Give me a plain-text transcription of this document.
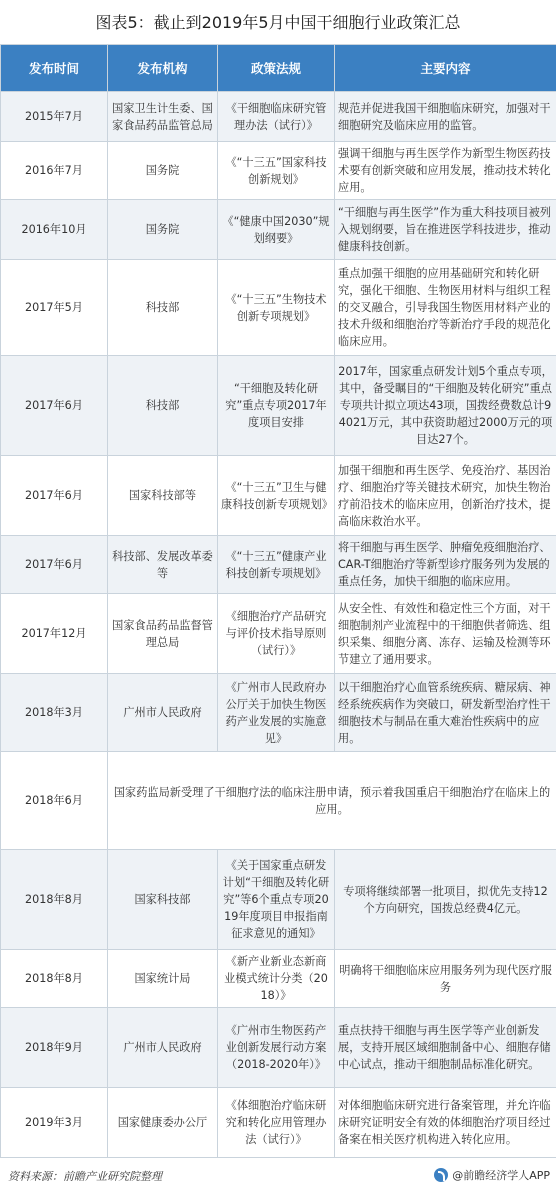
图表5：截止到2019年5月中国干细胞行业政策汇总
发布时间	发布机构	政策法规	主要内容
2015年7月	国家卫生计生委、国家食品药品监管总局	《干细胞临床研究管理办法（试行）》	规范并促进我国干细胞临床研究，加强对干细胞研究及临床应用的监管。
2016年7月	国务院	《“十三五”国家科技创新规划》	强调干细胞与再生医学作为新型生物医药技术要有创新突破和应用发展，推动技术转化应用。
2016年10月	国务院	《“健康中国2030”规划纲要》	“干细胞与再生医学”作为重大科技项目被列入规划纲要，旨在推进医学科技进步，推动健康科技创新。
2017年5月	科技部	《“十三五”生物技术创新专项规划》	重点加强干细胞的应用基础研究和转化研究，强化干细胞、生物医用材料与组织工程的交叉融合，引导我国生物医用材料产业的技术升级和细胞治疗等新治疗手段的规范化临床应用。
2017年6月	科技部	“干细胞及转化研究”重点专项2017年度项目安排	2017年，国家重点研发计划5个重点专项，其中，备受瞩目的“干细胞及转化研究”重点专项共计拟立项达43项，国拨经费数总计94021万元，其中获资助超过2000万元的项目达27个。
2017年6月	国家科技部等	《“十三五”卫生与健康科技创新专项规划》	加强干细胞和再生医学、免疫治疗、基因治疗、细胞治疗等关键技术研究，加快生物治疗前沿技术的临床应用，创新治疗技术，提高临床救治水平。
2017年6月	科技部、发展改革委等	《“十三五”健康产业科技创新专项规划》	将干细胞与再生医学、肿瘤免疫细胞治疗、CAR-T细胞治疗等新型诊疗服务列为发展的重点任务，加快干细胞的临床应用。
2017年12月	国家食品药品监督管理总局	《细胞治疗产品研究与评价技术指导原则（试行）》	从安全性、有效性和稳定性三个方面，对干细胞制剂产业流程中的干细胞供者筛选、组织采集、细胞分离、冻存、运输及检测等环节建立了通用要求。
2018年3月	广州市人民政府	《广州市人民政府办公厅关于加快生物医药产业发展的实施意见》	以干细胞治疗心血管系统疾病、糖尿病、神经系统疾病作为突破口，研发新型治疗性干细胞技术与制品在重大难治性疾病中的应用。
2018年6月	国家药监局新受理了干细胞疗法的临床注册申请，预示着我国重启干细胞治疗在临床上的应用。		
2018年8月	国家科技部	《关于国家重点研发计划“干细胞及转化研究”等6个重点专项2019年度项目申报指南征求意见的通知》	专项将继续部署一批项目，拟优先支持12个方向研究，国拨总经费4亿元。
2018年8月	国家统计局	《新产业新业态新商业模式统计分类（2018）》	明确将干细胞临床应用服务列为现代医疗服务
2018年9月	广州市人民政府	《广州市生物医药产业创新发展行动方案（2018-2020年）》	重点扶持干细胞与再生医学等产业创新发展，支持开展区域细胞制备中心、细胞存储中心试点，推动干细胞制品标准化研究。
2019年3月	国家健康委办公厅	《体细胞治疗临床研究和转化应用管理办法（试行）》	对体细胞临床研究进行备案管理，并允许临床研究证明安全有效的体细胞治疗项目经过备案在相关医疗机构进入转化应用。
资料来源：前瞻产业研究院整理	@前瞻经济学人APP
